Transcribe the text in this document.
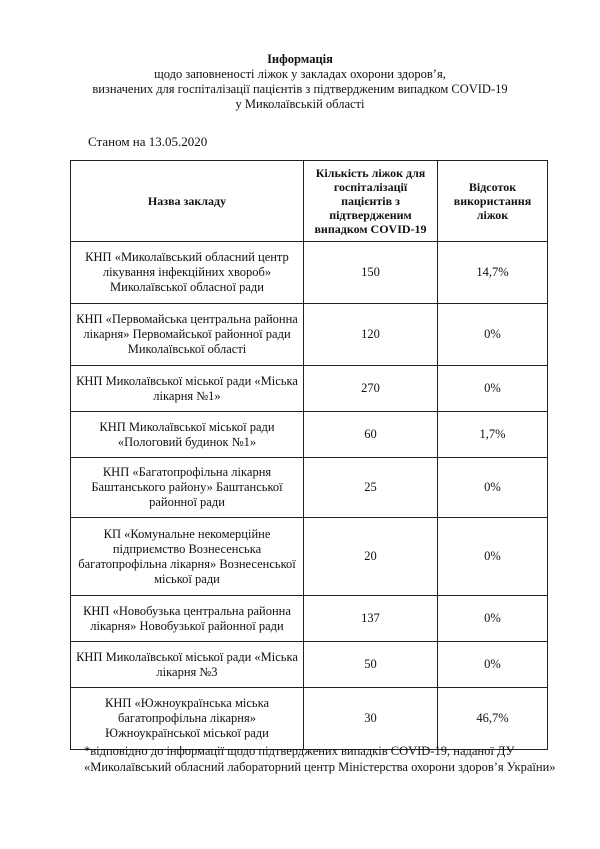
Інформація
щодо заповненості ліжок у закладах охорони здоров’я,
визначених для госпіталізації пацієнтів з підтвердженим випадком COVID-19
у Миколаївській області
Станом на 13.05.2020
Назва закладу	Кількість ліжок для госпіталізації пацієнтів з підтвердженим випадком COVID-19	Відсоток використання ліжок
КНП «Миколаївський обласний центр лікування інфекційних хвороб» Миколаївської обласної ради	150	14,7%
КНП «Первомайська центральна районна лікарня» Первомайської районної ради Миколаївської області	120	0%
КНП Миколаївської міської ради «Міська лікарня №1»	270	0%
КНП Миколаївської міської ради «Пологовий будинок №1»	60	1,7%
КНП «Багатопрофільна лікарня Баштанського району» Баштанської районної ради	25	0%
КП «Комунальне некомерційне підприємство Вознесенська багатопрофільна лікарня» Вознесенської міської ради	20	0%
КНП «Новобузька центральна районна лікарня» Новобузької районної ради	137	0%
КНП Миколаївської міської ради «Міська лікарня №3	50	0%
КНП «Южноукраїнська міська багатопрофільна лікарня» Южноукраїнської міської ради	30	46,7%
*відповідно до інформації щодо підтверджених випадків COVID-19, наданої ДУ «Миколаївський обласний лабораторний центр Міністерства охорони здоров’я України»
